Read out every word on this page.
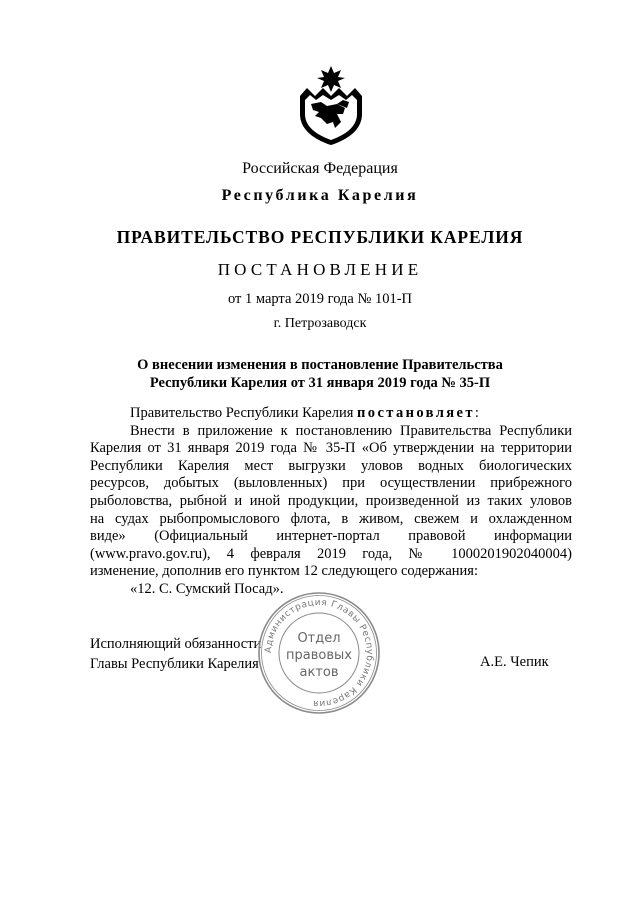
Российская Федерация
Республика Карелия
ПРАВИТЕЛЬСТВО РЕСПУБЛИКИ КАРЕЛИЯ
ПОСТАНОВЛЕНИЕ
от 1 марта 2019 года № 101-П
г. Петрозаводск
О внесении изменения в постановление Правительства
Республики Карелия от 31 января 2019 года № 35-П

Правительство Республики Карелия постановляет:

Внести в приложение к постановлению Правительства Республики

Карелия от 31 января 2019 года № 35-П «Об утверждении на территории

Республики Карелия мест выгрузки уловов водных биологических

ресурсов, добытых (выловленных) при осуществлении прибрежного

рыболовства, рыбной и иной продукции, произведенной из таких уловов

на судах рыбопромыслового флота, в живом, свежем и охлажденном

виде» (Официальный интернет-портал правовой информации

(www.pravo.gov.ru), 4 февраля 2019 года, № 1000201902040004)

изменение, дополнив его пунктом 12 следующего содержания:

«12. С. Сумский Посад».

Исполняющий обязанности
Главы Республики Карелия	А.Е. Чепик
Администрация Главы Республики Карелия
Отдел
правовых
актов
